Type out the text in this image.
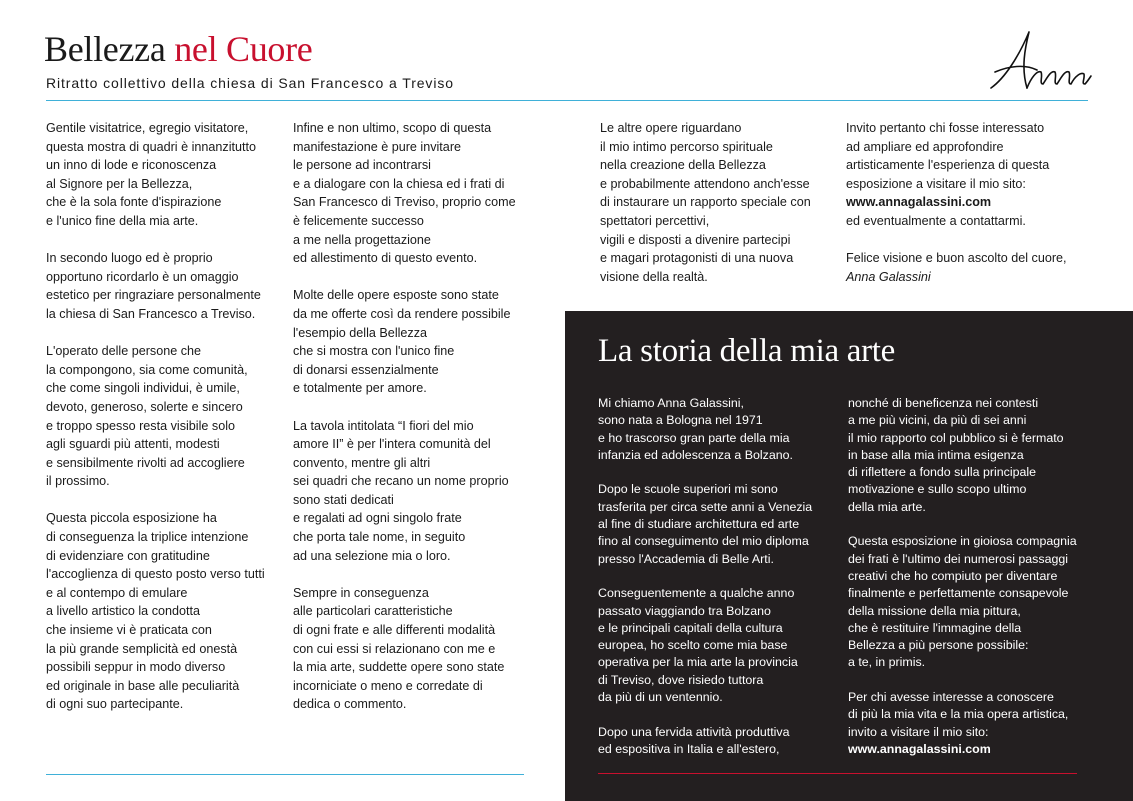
Bellezza nel Cuore
Ritratto collettivo della chiesa di San Francesco a Treviso

Gentile visitatrice, egregio visitatore,
questa mostra di quadri è innanzitutto
un inno di lode e riconoscenza
al Signore per la Bellezza,
che è la sola fonte d'ispirazione
e l'unico fine della mia arte.

In secondo luogo ed è proprio
opportuno ricordarlo è un omaggio
estetico per ringraziare personalmente
la chiesa di San Francesco a Treviso.

L'operato delle persone che
la compongono, sia come comunità,
che come singoli individui, è umile,
devoto, generoso, solerte e sincero
e troppo spesso resta visibile solo
agli sguardi più attenti, modesti
e sensibilmente rivolti ad accogliere
il prossimo.

Questa piccola esposizione ha
di conseguenza la triplice intenzione
di evidenziare con gratitudine
l'accoglienza di questo posto verso tutti
e al contempo di emulare
a livello artistico la condotta
che insieme vi è praticata con
la più grande semplicità ed onestà
possibili seppur in modo diverso
ed originale in base alle peculiarità
di ogni suo partecipante.

Infine e non ultimo, scopo di questa
manifestazione è pure invitare
le persone ad incontrarsi
e a dialogare con la chiesa ed i frati di
San Francesco di Treviso, proprio come
è felicemente successo
a me nella progettazione
ed allestimento di questo evento.

Molte delle opere esposte sono state
da me offerte così da rendere possibile
l'esempio della Bellezza
che si mostra con l'unico fine
di donarsi essenzialmente
e totalmente per amore.

La tavola intitolata “I fiori del mio
amore II” è per l'intera comunità del
convento, mentre gli altri
sei quadri che recano un nome proprio
sono stati dedicati
e regalati ad ogni singolo frate
che porta tale nome, in seguito
ad una selezione mia o loro.

Sempre in conseguenza
alle particolari caratteristiche
di ogni frate e alle differenti modalità
con cui essi si relazionano con me e
la mia arte, suddette opere sono state
incorniciate o meno e corredate di
dedica o commento.

Le altre opere riguardano
il mio intimo percorso spirituale
nella creazione della Bellezza
e probabilmente attendono anch'esse
di instaurare un rapporto speciale con
spettatori percettivi,
vigili e disposti a divenire partecipi
e magari protagonisti di una nuova
visione della realtà.

Invito pertanto chi fosse interessato
ad ampliare ed approfondire
artisticamente l'esperienza di questa
esposizione a visitare il mio sito:
www.annagalassini.com
ed eventualmente a contattarmi.

Felice visione e buon ascolto del cuore,
Anna Galassini

La storia della mia arte

Mi chiamo Anna Galassini,
sono nata a Bologna nel 1971
e ho trascorso gran parte della mia
infanzia ed adolescenza a Bolzano.

Dopo le scuole superiori mi sono
trasferita per circa sette anni a Venezia
al fine di studiare architettura ed arte
fino al conseguimento del mio diploma
presso l'Accademia di Belle Arti.

Conseguentemente a qualche anno
passato viaggiando tra Bolzano
e le principali capitali della cultura
europea, ho scelto come mia base
operativa per la mia arte la provincia
di Treviso, dove risiedo tuttora
da più di un ventennio.

Dopo una fervida attività produttiva
ed espositiva in Italia e all'estero,

nonché di beneficenza nei contesti
a me più vicini, da più di sei anni
il mio rapporto col pubblico si è fermato
in base alla mia intima esigenza
di riflettere a fondo sulla principale
motivazione e sullo scopo ultimo
della mia arte.

Questa esposizione in gioiosa compagnia
dei frati è l'ultimo dei numerosi passaggi
creativi che ho compiuto per diventare
finalmente e perfettamente consapevole
della missione della mia pittura,
che è restituire l'immagine della
Bellezza a più persone possibile:
a te, in primis.

Per chi avesse interesse a conoscere
di più la mia vita e la mia opera artistica,
invito a visitare il mio sito:
www.annagalassini.com
